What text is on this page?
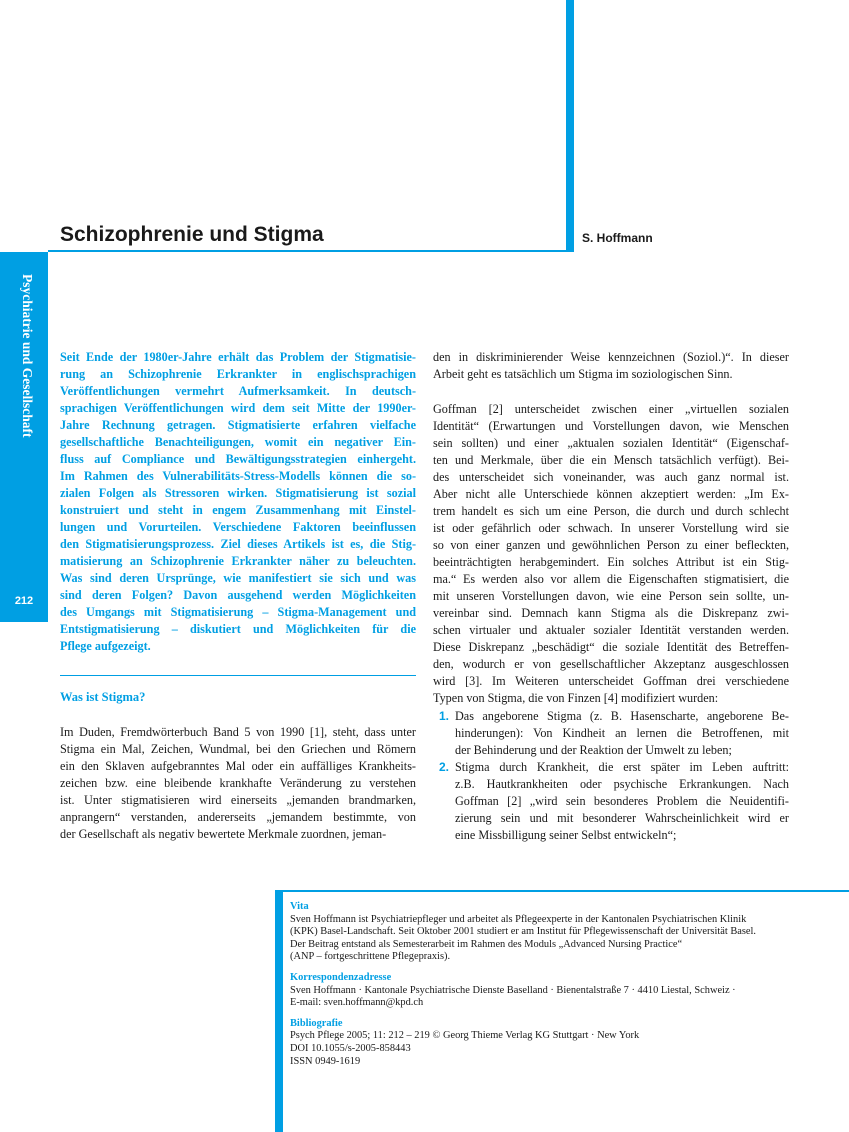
Schizophrenie und Stigma	S. Hoffmann
Psychiatrie und Gesellschaft
212
Seit Ende der 1980er-Jahre erhält das Problem der Stigmatisie-
rung an Schizophrenie Erkrankter in englischsprachigen
Veröffentlichungen vermehrt Aufmerksamkeit. In deutsch-
sprachigen Veröffentlichungen wird dem seit Mitte der 1990er-
Jahre Rechnung getragen. Stigmatisierte erfahren vielfache
gesellschaftliche Benachteiligungen, womit ein negativer Ein-
fluss auf Compliance und Bewältigungsstrategien einhergeht.
Im Rahmen des Vulnerabilitäts-Stress-Modells können die so-
zialen Folgen als Stressoren wirken. Stigmatisierung ist sozial
konstruiert und steht in engem Zusammenhang mit Einstel-
lungen und Vorurteilen. Verschiedene Faktoren beeinflussen
den Stigmatisierungsprozess. Ziel dieses Artikels ist es, die Stig-
matisierung an Schizophrenie Erkrankter näher zu beleuchten.
Was sind deren Ursprünge, wie manifestiert sie sich und was
sind deren Folgen? Davon ausgehend werden Möglichkeiten
des Umgangs mit Stigmatisierung – Stigma-Management und
Entstigmatisierung – diskutiert und Möglichkeiten für die
Pflege aufgezeigt.
Was ist Stigma?
Im Duden, Fremdwörterbuch Band 5 von 1990 [1], steht, dass unter
Stigma ein Mal, Zeichen, Wundmal, bei den Griechen und Römern
ein den Sklaven aufgebranntes Mal oder ein auffälliges Krankheits-
zeichen bzw. eine bleibende krankhafte Veränderung zu verstehen
ist. Unter stigmatisieren wird einerseits „jemanden brandmarken,
anprangern“ verstanden, andererseits „jemandem bestimmte, von
der Gesellschaft als negativ bewertete Merkmale zuordnen, jeman-
den in diskriminierender Weise kennzeichnen (Soziol.)“. In dieser
Arbeit geht es tatsächlich um Stigma im soziologischen Sinn.
Goffman [2] unterscheidet zwischen einer „virtuellen sozialen
Identität“ (Erwartungen und Vorstellungen davon, wie Menschen
sein sollten) und einer „aktualen sozialen Identität“ (Eigenschaf-
ten und Merkmale, über die ein Mensch tatsächlich verfügt). Bei-
des unterscheidet sich voneinander, was auch ganz normal ist.
Aber nicht alle Unterschiede können akzeptiert werden: „Im Ex-
trem handelt es sich um eine Person, die durch und durch schlecht
ist oder gefährlich oder schwach. In unserer Vorstellung wird sie
so von einer ganzen und gewöhnlichen Person zu einer befleckten,
beeinträchtigten herabgemindert. Ein solches Attribut ist ein Stig-
ma.“ Es werden also vor allem die Eigenschaften stigmatisiert, die
mit unseren Vorstellungen davon, wie eine Person sein sollte, un-
vereinbar sind. Demnach kann Stigma als die Diskrepanz zwi-
schen virtualer und aktualer sozialer Identität verstanden werden.
Diese Diskrepanz „beschädigt“ die soziale Identität des Betreffen-
den, wodurch er von gesellschaftlicher Akzeptanz ausgeschlossen
wird [3]. Im Weiteren unterscheidet Goffman drei verschiedene
Typen von Stigma, die von Finzen [4] modifiziert wurden:
1. Das angeborene Stigma (z. B. Hasenscharte, angeborene Be-
hinderungen): Von Kindheit an lernen die Betroffenen, mit
der Behinderung und der Reaktion der Umwelt zu leben;
2. Stigma durch Krankheit, die erst später im Leben auftritt:
z.B. Hautkrankheiten oder psychische Erkrankungen. Nach
Goffman [2] „wird sein besonderes Problem die Neuidentifi-
zierung sein und mit besonderer Wahrscheinlichkeit wird er
eine Missbilligung seiner Selbst entwickeln“;
Vita
Sven Hoffmann ist Psychiatriepfleger und arbeitet als Pflegeexperte in der Kantonalen Psychiatrischen Klinik
(KPK) Basel-Landschaft. Seit Oktober 2001 studiert er am Institut für Pflegewissenschaft der Universität Basel.
Der Beitrag entstand als Semesterarbeit im Rahmen des Moduls „Advanced Nursing Practice“
(ANP – fortgeschrittene Pflegepraxis).
Korrespondenzadresse
Sven Hoffmann · Kantonale Psychiatrische Dienste Baselland · Bienentalstraße 7 · 4410 Liestal, Schweiz ·
E-mail: sven.hoffmann@kpd.ch
Bibliografie
Psych Pflege 2005; 11: 212 – 219 © Georg Thieme Verlag KG Stuttgart · New York
DOI 10.1055/s-2005-858443
ISSN 0949-1619
